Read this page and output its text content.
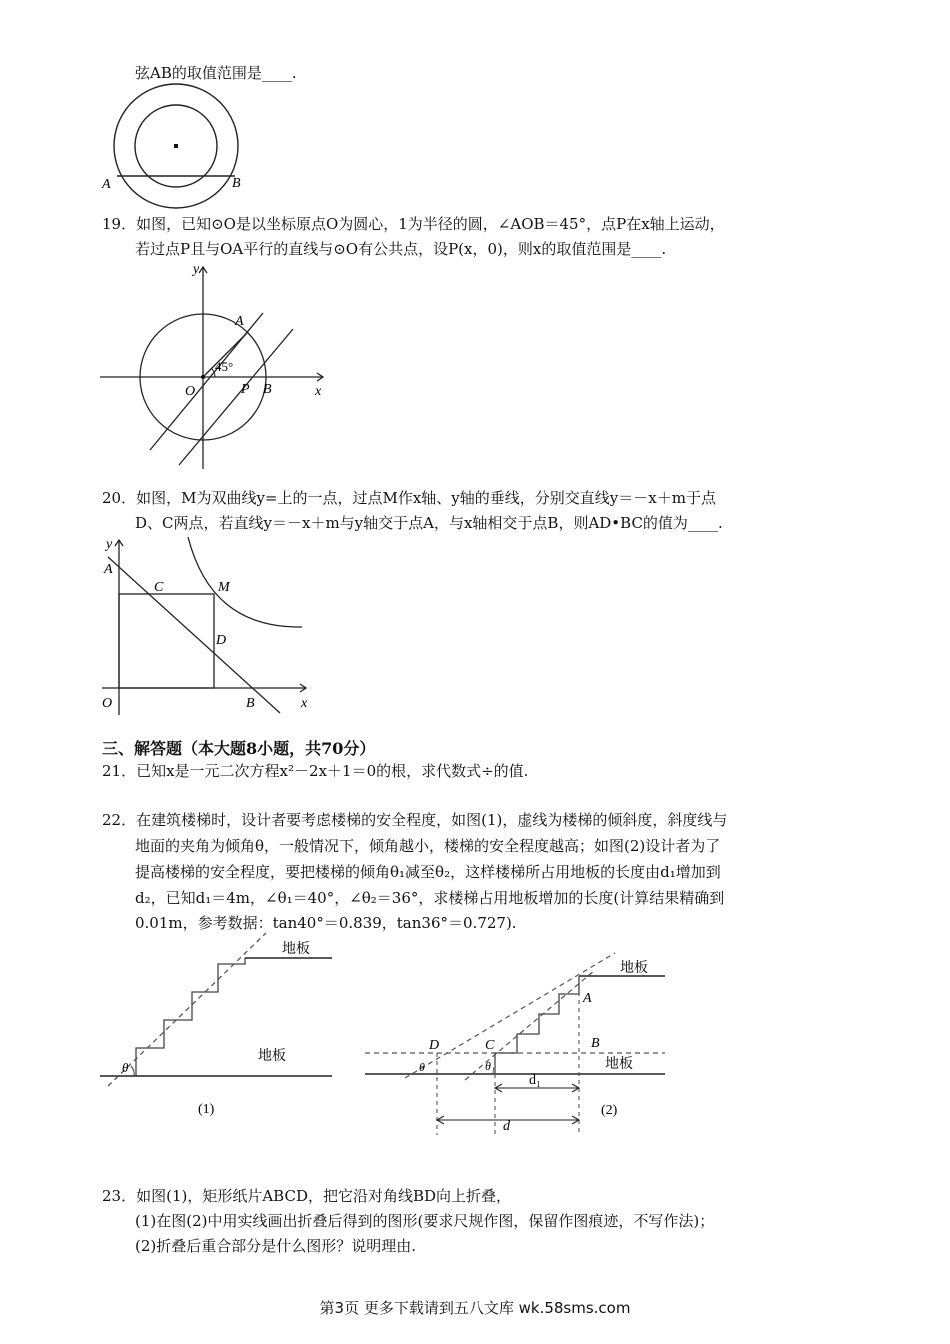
弦AB的取值范围是____.
A	B
19．如图，已知⊙O是以坐标原点O为圆心，1为半径的圆，∠AOB＝45°，点P在x轴上运动，
若过点P且与OA平行的直线与⊙O有公共点，设P(x，0)，则x的取值范围是____.
y
x
O
A
P B
45°
20．如图，M为双曲线y=上的一点，过点M作x轴、y轴的垂线，分别交直线y＝－x＋m于点
D、C两点，若直线y＝－x＋m与y轴交于点A，与x轴相交于点B，则AD•BC的值为____.
y
x
O
A
C	M
D
B
三、解答题（本大题8小题，共70分）
21．已知x是一元二次方程x²－2x＋1＝0的根，求代数式÷的值.
22．在建筑楼梯时，设计者要考虑楼梯的安全程度，如图(1)，虚线为楼梯的倾斜度，斜度线与
地面的夹角为倾角θ，一般情况下，倾角越小，楼梯的安全程度越高；如图(2)设计者为了
提高楼梯的安全程度，要把楼梯的倾角θ₁减至θ₂，这样楼梯所占用地板的长度由d₁增加到
d₂，已知d₁＝4m，∠θ₁＝40°，∠θ₂＝36°，求楼梯占用地板增加的长度(计算结果精确到
0.01m，参考数据：tan40°＝0.839，tan36°＝0.727).
θ
地板
地板
(1)
地板
地板
A
B
C
D
θ	θ₁
d₁
d
(2)
23．如图(1)，矩形纸片ABCD，把它沿对角线BD向上折叠，
(1)在图(2)中用实线画出折叠后得到的图形(要求尺规作图，保留作图痕迹，不写作法)；
(2)折叠后重合部分是什么图形？说明理由.
第3页 更多下载请到五八文库 wk.58sms.com
